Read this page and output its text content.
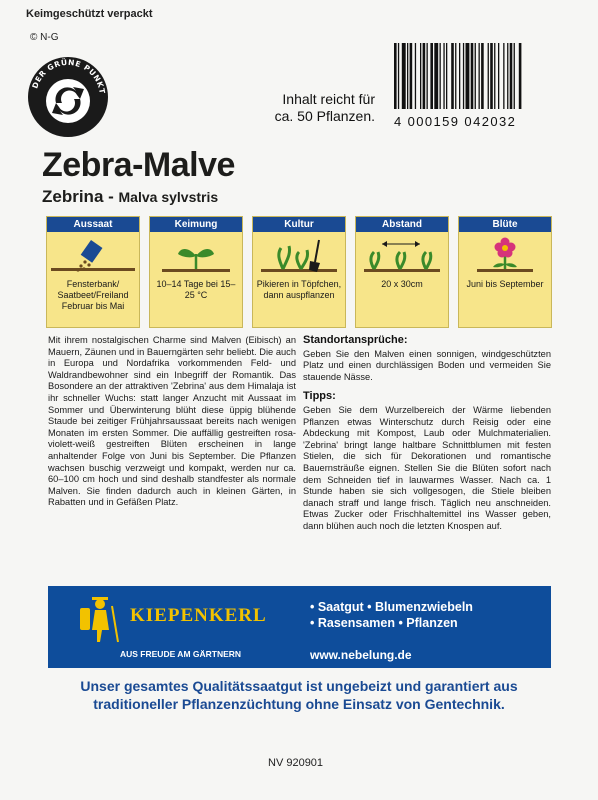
Keimgeschützt verpackt
© N-G
DER GRÜNE PUNKT	Inhalt reicht für
ca. 50 Pflanzen. 4 000159 042032
Zebra-Malve
Zebrina - Malva sylvstris
Aussaat
Fensterbank/ Saatbeet/Freiland Februar bis Mai
Keimung
10–14 Tage bei 15–25 °C
Kultur
Pikieren in Töpfchen, dann auspflanzen
Abstand
20 x 30cm
Blüte
Juni bis September

Mit ihrem nostalgischen Charme sind Malven (Eibisch) an Mauern, Zäunen und in Bauerngärten sehr beliebt. Die auch in Europa und Nordafrika vorkommenden Feld- und Waldrandbewohner sind ein Inbegriff der Romantik. Das Bosondere an der attraktiven 'Zebrina' aus dem Himalaja ist ihr schneller Wuchs: statt langer Anzucht mit Aussaat im Sommer und Überwinterung blüht diese üppig blühende Staude bei zeitiger Frühjahrsaussaat bereits nach wenigen Monaten im ersten Sommer. Die auffällig gestreiften rosa-violett-weiß gestreiften Blüten erscheinen in lange anhaltender Folge von Juni bis September. Die Pflanzen wachsen buschig verzweigt und kompakt, werden nur ca. 60–100 cm hoch und sind deshalb standfester als normale Malven. Sie finden dadurch auch in kleinen Gärten, in Rabatten und in Gefäßen Platz.

Standortansprüche:

Geben Sie den Malven einen sonnigen, windgeschützten Platz und einen durchlässigen Boden und vermeiden Sie stauende Nässe.

Tipps:

Geben Sie dem Wurzelbereich der Wärme liebenden Pflanzen etwas Winterschutz durch Reisig oder eine Abdeckung mit Kompost, Laub oder Mulchmaterialien. 'Zebrina' bringt lange haltbare Schnittblumen mit festen Stielen, die sich für Dekorationen und romantische Bauernsträuße eignen. Stellen Sie die Blüten sofort nach dem Schneiden tief in lauwarmes Wasser. Nach ca. 1 Stunde haben sie sich vollgesogen, die Stiele bleiben danach straff und lange frisch. Täglich neu anschneiden. Etwas Zucker oder Frischhaltemittel ins Wasser geben, dann blühen auch noch die letzten Knospen auf.

KIEPENKERL
AUS FREUDE AM GÄRTNERN
• Saatgut • Blumenzwiebeln
• Rasensamen • Pflanzen
www.nebelung.de
Unser gesamtes Qualitätssaatgut ist ungebeizt und garantiert aus
traditioneller Pflanzenzüchtung ohne Einsatz von Gentechnik.
NV 920901
